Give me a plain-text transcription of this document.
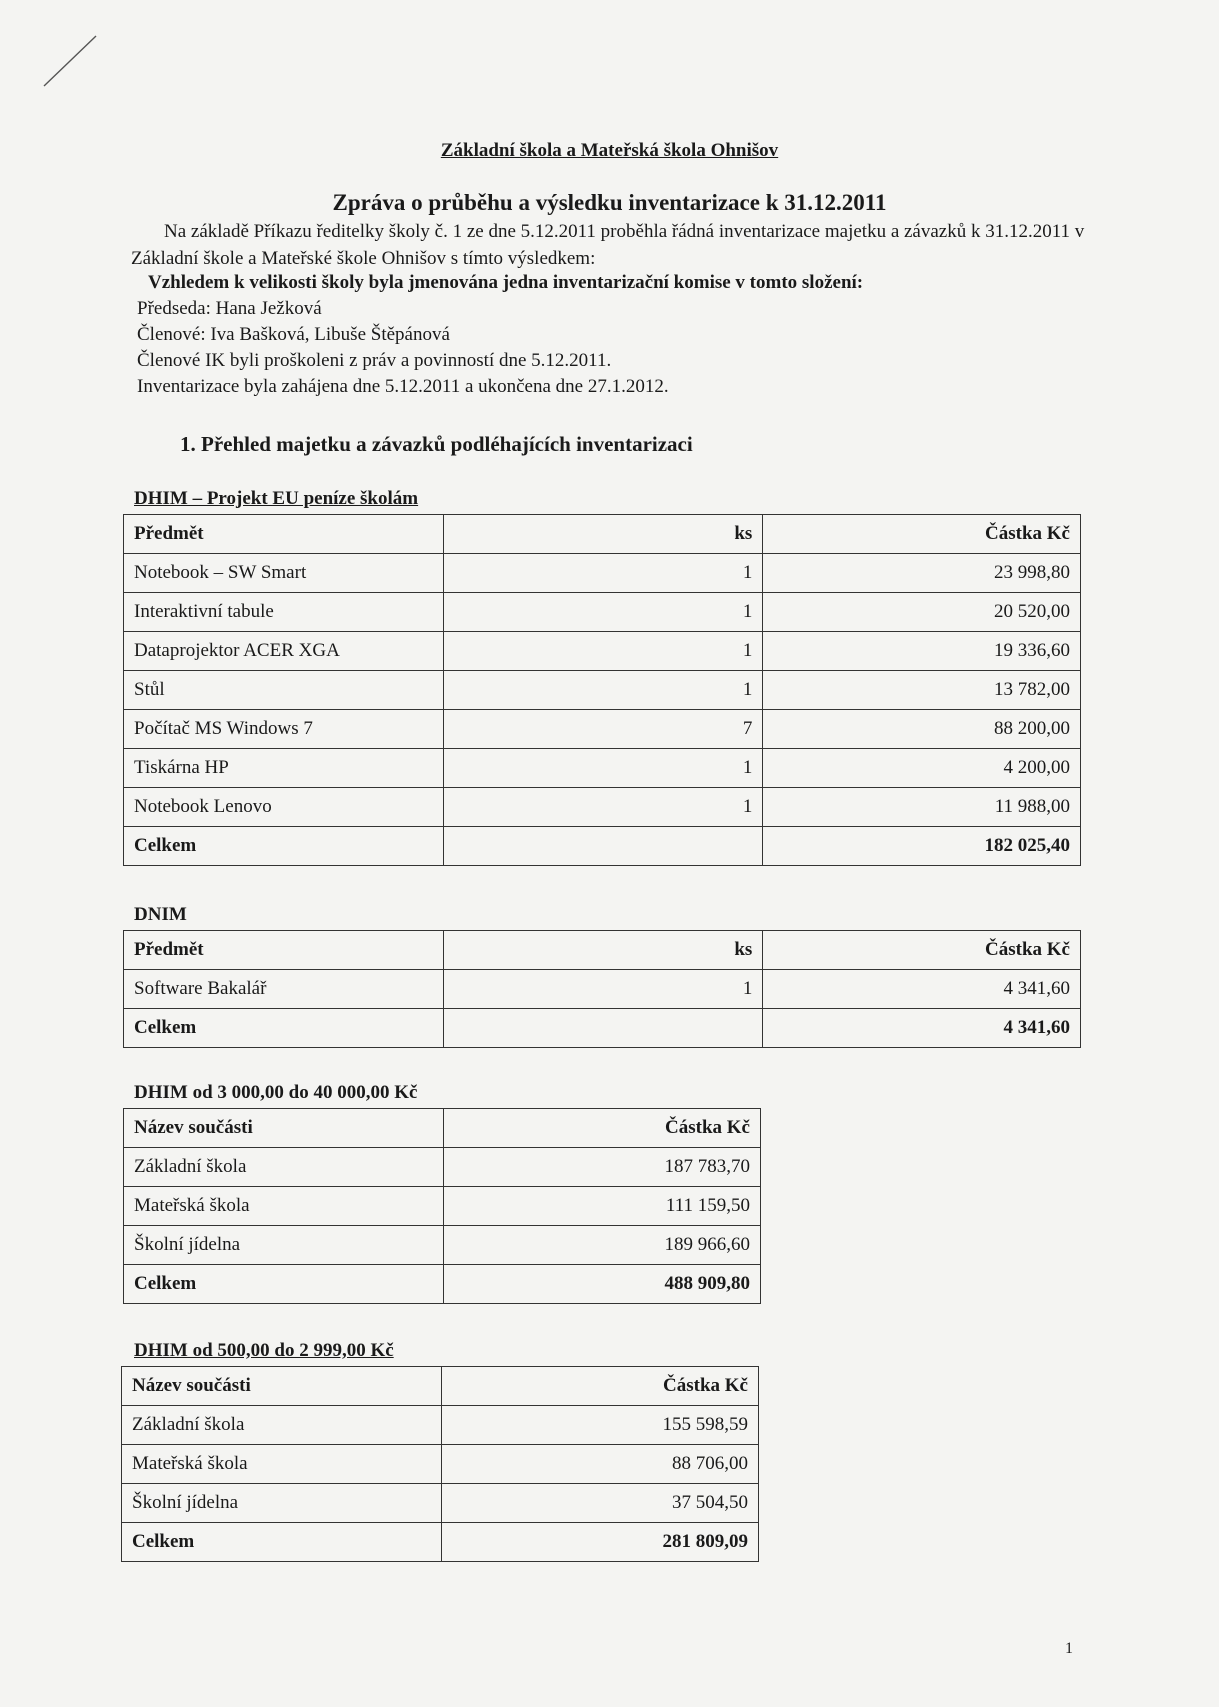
Základní škola a Mateřská škola Ohnišov
Zpráva o průběhu a výsledku inventarizace k 31.12.2011
Na základě Příkazu ředitelky školy č. 1 ze dne 5.12.2011 proběhla řádná inventarizace majetku a závazků k 31.12.2011 v Základní škole a Mateřské škole Ohnišov s tímto výsledkem:
Vzhledem k velikosti školy byla jmenována jedna inventarizační komise v tomto složení:
Předseda: Hana Ježková
Členové: Iva Bašková, Libuše Štěpánová
Členové IK byli proškoleni z práv a povinností dne 5.12.2011.
Inventarizace byla zahájena dne 5.12.2011 a ukončena dne 27.1.2012.
1. Přehled majetku a závazků podléhajících inventarizaci
DHIM – Projekt EU peníze školám
Předmět	ks	Částka Kč
Notebook – SW Smart	1	23 998,80
Interaktivní tabule	1	20 520,00
Dataprojektor ACER XGA	1	19 336,60
Stůl	1	13 782,00
Počítač MS Windows 7	7	88 200,00
Tiskárna HP	1	4 200,00
Notebook Lenovo	1	11 988,00
Celkem		182 025,40
DNIM
Předmět	ks	Částka Kč
Software Bakalář	1	4 341,60
Celkem		4 341,60
DHIM od 3 000,00 do 40 000,00 Kč
Název součásti	Částka Kč
Základní škola	187 783,70
Mateřská škola	111 159,50
Školní jídelna	189 966,60
Celkem	488 909,80
DHIM od 500,00 do 2 999,00 Kč
Název součásti	Částka Kč
Základní škola	155 598,59
Mateřská škola	88 706,00
Školní jídelna	37 504,50
Celkem	281 809,09
1
